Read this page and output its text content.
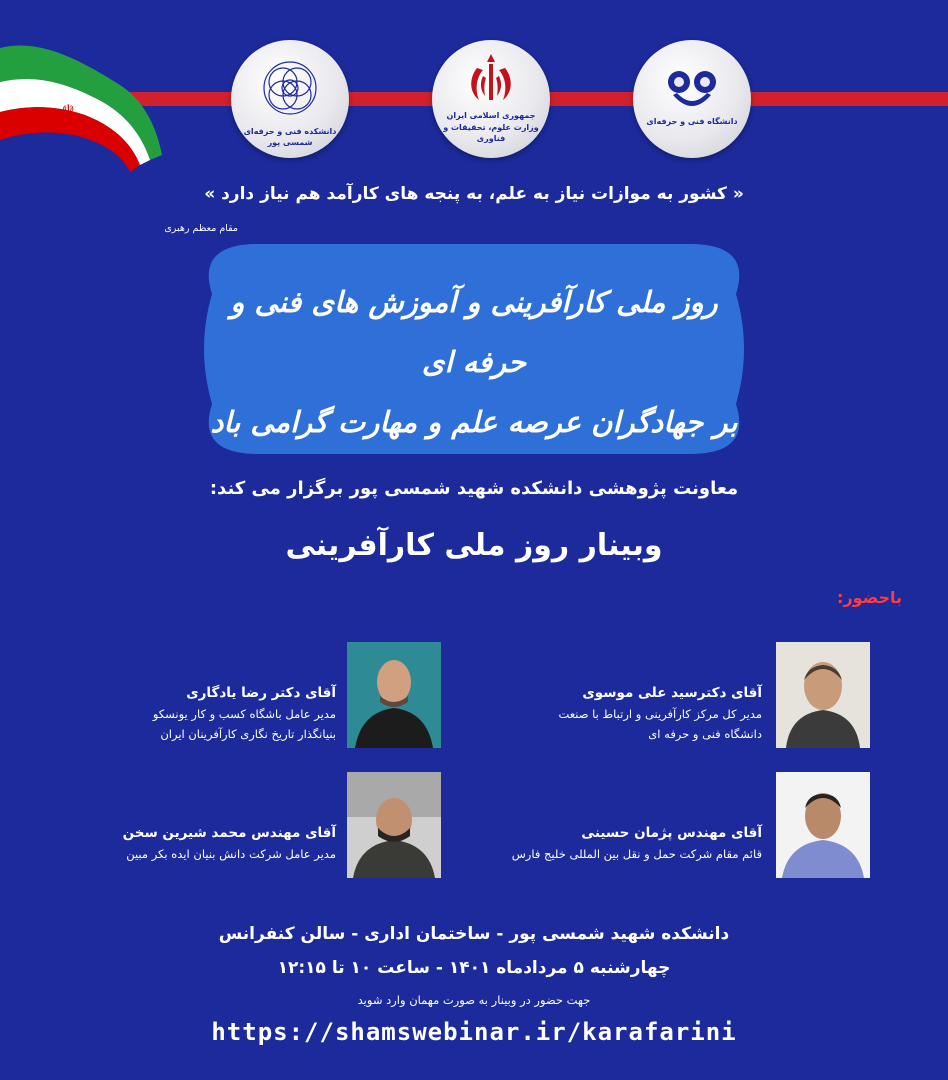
☫
دانشکده فنی و حرفه‌ای شمسی پور
جمهوری اسلامی ایران
وزارت علوم، تحقیقات و فناوری
دانشگاه فنی و حرفه‌ای
« کشور به موازات نیاز به علم، به پنجه های کارآمد هم نیاز دارد »
مقام معظم رهبری
روز ملی کارآفرینی و آموزش های فنی و حرفه ای
بر جهادگران عرصه علم و مهارت گرامی باد
معاونت پژوهشی دانشکده شهید شمسی پور برگزار می کند:
وبینار روز ملی کارآفرینی
باحضور:
آقای دکترسید علی موسوی
مدیر کل مرکز کارآفرینی و ارتباط با صنعت
دانشگاه فنی و حرفه ای
آقای دکتر رضا یادگاری
مدیر عامل باشگاه کسب و کار یونسکو
بنیانگذار تاریخ نگاری کارآفرینان ایران
آقای مهندس پژمان حسینی
قائم مقام شرکت حمل و نقل بین المللی خلیج فارس
آقای مهندس محمد شیرین سخن
مدیر عامل شرکت دانش بنیان ایده بکر مبین
دانشکده شهید شمسی پور - ساختمان اداری - سالن کنفرانس
چهارشنبه ۵ مردادماه ۱۴۰۱ - ساعت ۱۰ تا ۱۲:۱۵
جهت حضور در وبینار به صورت مهمان وارد شوید
https://shamswebinar.ir/karafarini
